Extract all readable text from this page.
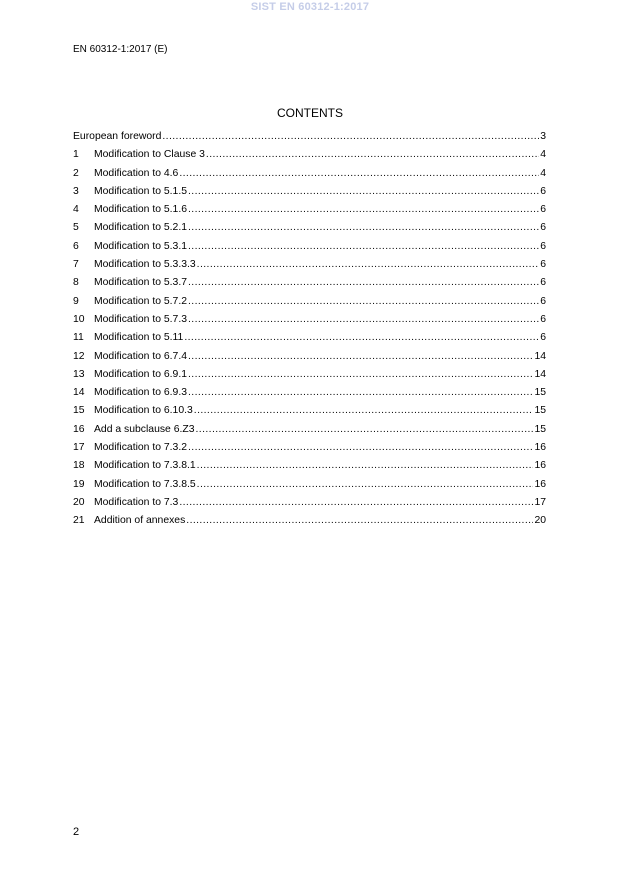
SIST EN 60312-1:2017
EN 60312-1:2017 (E)
CONTENTS
European foreword .....	3
1	Modification to Clause 3 .....	4
2	Modification to 4.6 .....	4
3	Modification to 5.1.5 .....	6
4	Modification to 5.1.6 .....	6
5	Modification to 5.2.1 .....	6
6	Modification to 5.3.1 .....	6
7	Modification to 5.3.3.3 .....	6
8	Modification to 5.3.7 .....	6
9	Modification to 5.7.2 .....	6
10 Modification to 5.7.3 .....	6
11 Modification to 5.11 .....	6
12 Modification to 6.7.4 .....	14
13 Modification to 6.9.1 .....	14
14 Modification to 6.9.3 .....	15
15 Modification to 6.10.3 .....	15
16 Add a subclause 6.Z3 .....	15
17 Modification to 7.3.2 .....	16
18 Modification to 7.3.8.1 .....	16
19 Modification to 7.3.8.5 .....	16
20 Modification to 7.3 .....	17
21 Addition of annexes .....	20
2
